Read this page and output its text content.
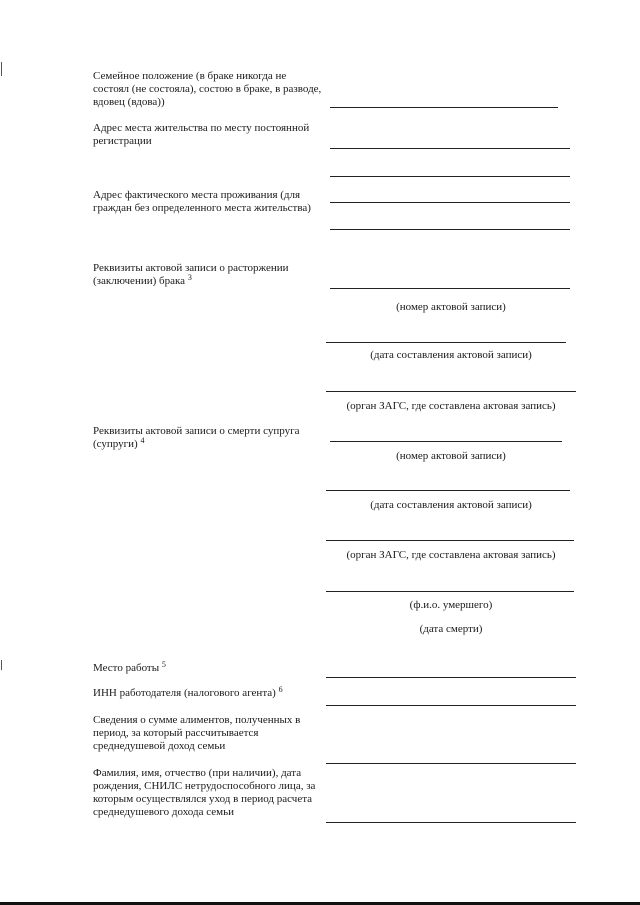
Семейное положение (в браке никогда не состоял (не состояла), состою в браке, в разводе, вдовец (вдова))
Адрес места жительства по месту постоянной регистрации
Адрес фактического места проживания (для граждан без определенного места жительства)
Реквизиты актовой записи о расторжении (заключении) брака $^3$
(номер актовой записи)
(дата составления актовой записи)
(орган ЗАГС, где составлена актовая запись)
Реквизиты актовой записи о смерти супруга (супруги) $^4$
(номер актовой записи)
(дата составления актовой записи)
(орган ЗАГС, где составлена актовая запись)
(ф.и.о. умершего)
(дата смерти)
Место работы $^5$
ИНН работодателя (налогового агента) $^6$
Сведения о сумме алиментов, полученных в период, за который рассчитывается среднедушевой доход семьи
Фамилия, имя, отчество (при наличии), дата рождения, СНИЛС нетрудоспособного лица, за которым осуществлялся уход в период расчета среднедушевого дохода семьи
